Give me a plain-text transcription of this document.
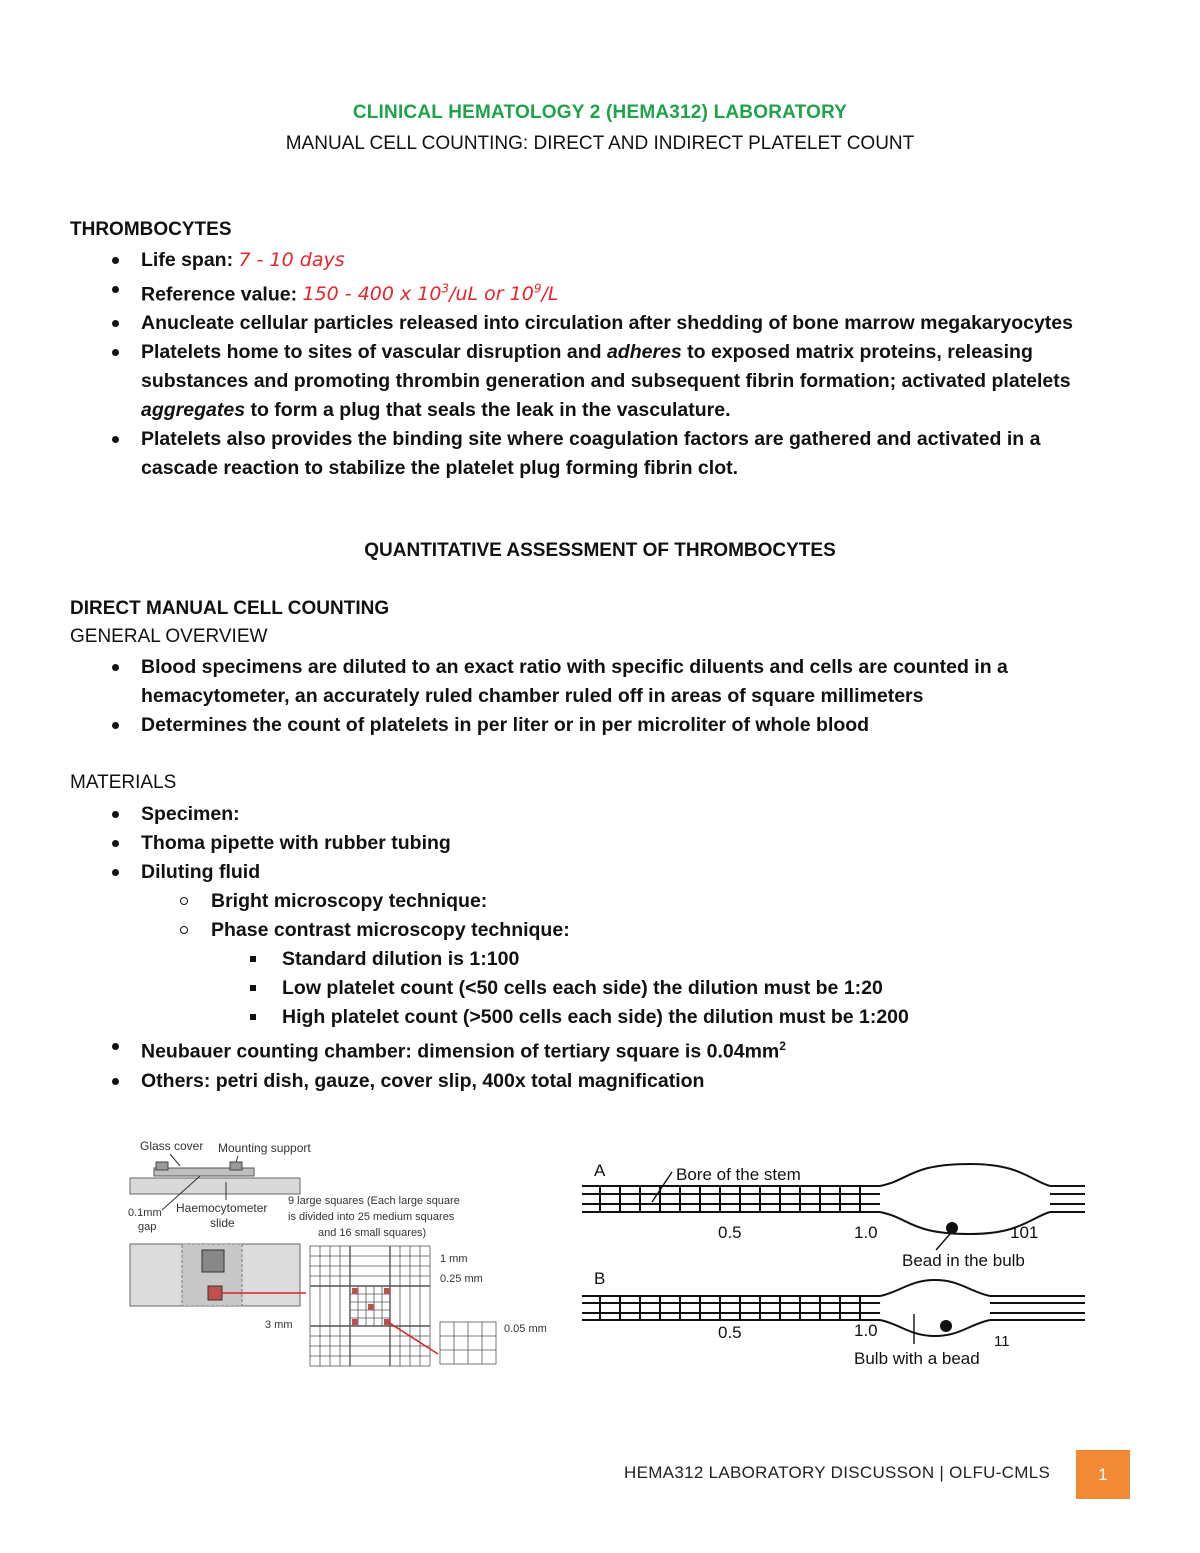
CLINICAL HEMATOLOGY 2 (HEMA312) LABORATORY
MANUAL CELL COUNTING: DIRECT AND INDIRECT PLATELET COUNT
THROMBOCYTES
Life span: 7 - 10 days
Reference value: 150 - 400 x $10^3/uL$ or $10^9/L$
Anucleate cellular particles released into circulation after shedding of bone marrow megakaryocytes
Platelets home to sites of vascular disruption and adheres to exposed matrix proteins, releasing substances and promoting thrombin generation and subsequent fibrin formation; activated platelets aggregates to form a plug that seals the leak in the vasculature.
Platelets also provides the binding site where coagulation factors are gathered and activated in a cascade reaction to stabilize the platelet plug forming fibrin clot.
QUANTITATIVE ASSESSMENT OF THROMBOCYTES
DIRECT MANUAL CELL COUNTING
GENERAL OVERVIEW
Blood specimens are diluted to an exact ratio with specific diluents and cells are counted in a hemacytometer, an accurately ruled chamber ruled off in areas of square millimeters
Determines the count of platelets in per liter or in per microliter of whole blood
MATERIALS
Specimen:
Thoma pipette with rubber tubing
Diluting fluid
Bright microscopy technique:
Phase contrast microscopy technique:
Standard dilution is 1:100
Low platelet count (<50 cells each side) the dilution must be 1:20
High platelet count (>500 cells each side) the dilution must be 1:200
Neubauer counting chamber: dimension of tertiary square is $0.04mm^2$
Others: petri dish, gauze, cover slip, 400x total magnification
Glass cover Mounting support
0.1mm
gap
Haemocytometer
slide
9 large squares (Each large square
is divided into 25 medium squares
and 16 small squares)
1 mm
0.25 mm
3 mm	0.05 mm
A	Bore of the stem
0.5	1.0	101
Bead in the bulb
B
0.5	1.0
11
Bulb with a bead
HEMA312 LABORATORY DISCUSSON | OLFU-CMLS	1
